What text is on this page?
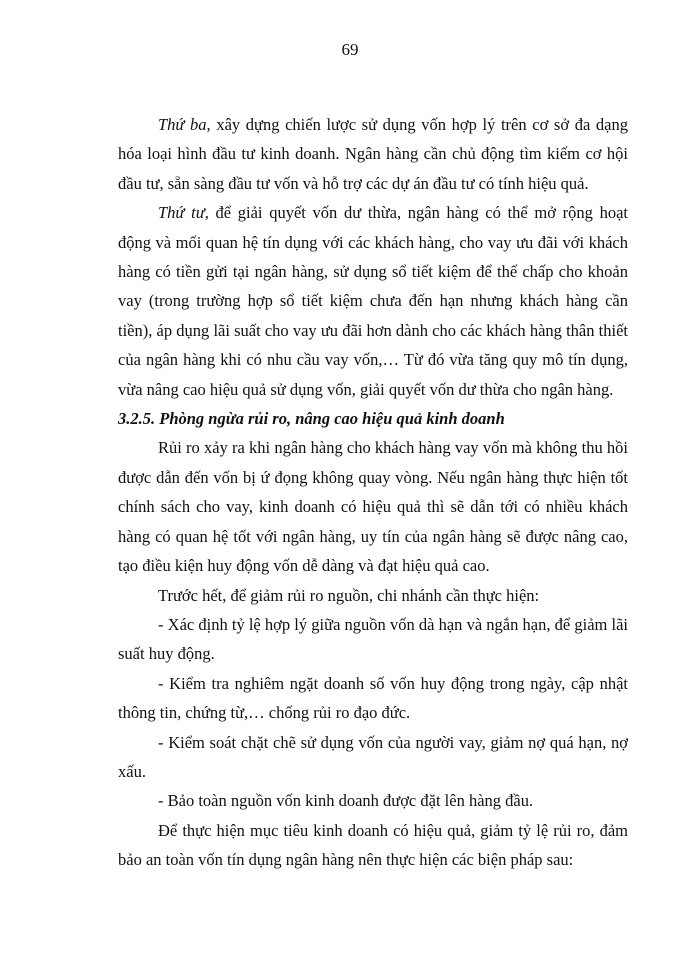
69

Thứ ba, xây dựng chiến lược sử dụng vốn hợp lý trên cơ sở đa dạng hóa loại hình đầu tư kinh doanh. Ngân hàng cần chủ động tìm kiếm cơ hội đầu tư, sẵn sàng đầu tư vốn và hỗ trợ các dự án đầu tư có tính hiệu quả.

Thứ tư, để giải quyết vốn dư thừa, ngân hàng có thể mở rộng hoạt động và mối quan hệ tín dụng với các khách hàng, cho vay ưu đãi với khách hàng có tiền gửi tại ngân hàng, sử dụng sổ tiết kiệm để thế chấp cho khoản vay (trong trường hợp sổ tiết kiệm chưa đến hạn nhưng khách hàng cần tiền), áp dụng lãi suất cho vay ưu đãi hơn dành cho các khách hàng thân thiết của ngân hàng khi có nhu cầu vay vốn,… Từ đó vừa tăng quy mô tín dụng, vừa nâng cao hiệu quả sử dụng vốn, giải quyết vốn dư thừa cho ngân hàng.

3.2.5. Phòng ngừa rủi ro, nâng cao hiệu quả kinh doanh

Rủi ro xảy ra khi ngân hàng cho khách hàng vay vốn mà không thu hồi được dẫn đến vốn bị ứ đọng không quay vòng. Nếu ngân hàng thực hiện tốt chính sách cho vay, kinh doanh có hiệu quả thì sẽ dẫn tới có nhiều khách hàng có quan hệ tốt với ngân hàng, uy tín của ngân hàng sẽ được nâng cao, tạo điều kiện huy động vốn dễ dàng và đạt hiệu quả cao.

Trước hết, để giảm rủi ro nguồn, chi nhánh cần thực hiện:

- Xác định tỷ lệ hợp lý giữa nguồn vốn dà hạn và ngắn hạn, để giảm lãi suất huy động.

- Kiểm tra nghiêm ngặt doanh số vốn huy động trong ngày, cập nhật thông tin, chứng từ,… chống rủi ro đạo đức.

- Kiểm soát chặt chẽ sử dụng vốn của người vay, giảm nợ quá hạn, nợ xấu.

- Bảo toàn nguồn vốn kinh doanh được đặt lên hàng đầu.

Để thực hiện mục tiêu kinh doanh có hiệu quả, giảm tỷ lệ rủi ro, đảm bảo an toàn vốn tín dụng ngân hàng nên thực hiện các biện pháp sau:
